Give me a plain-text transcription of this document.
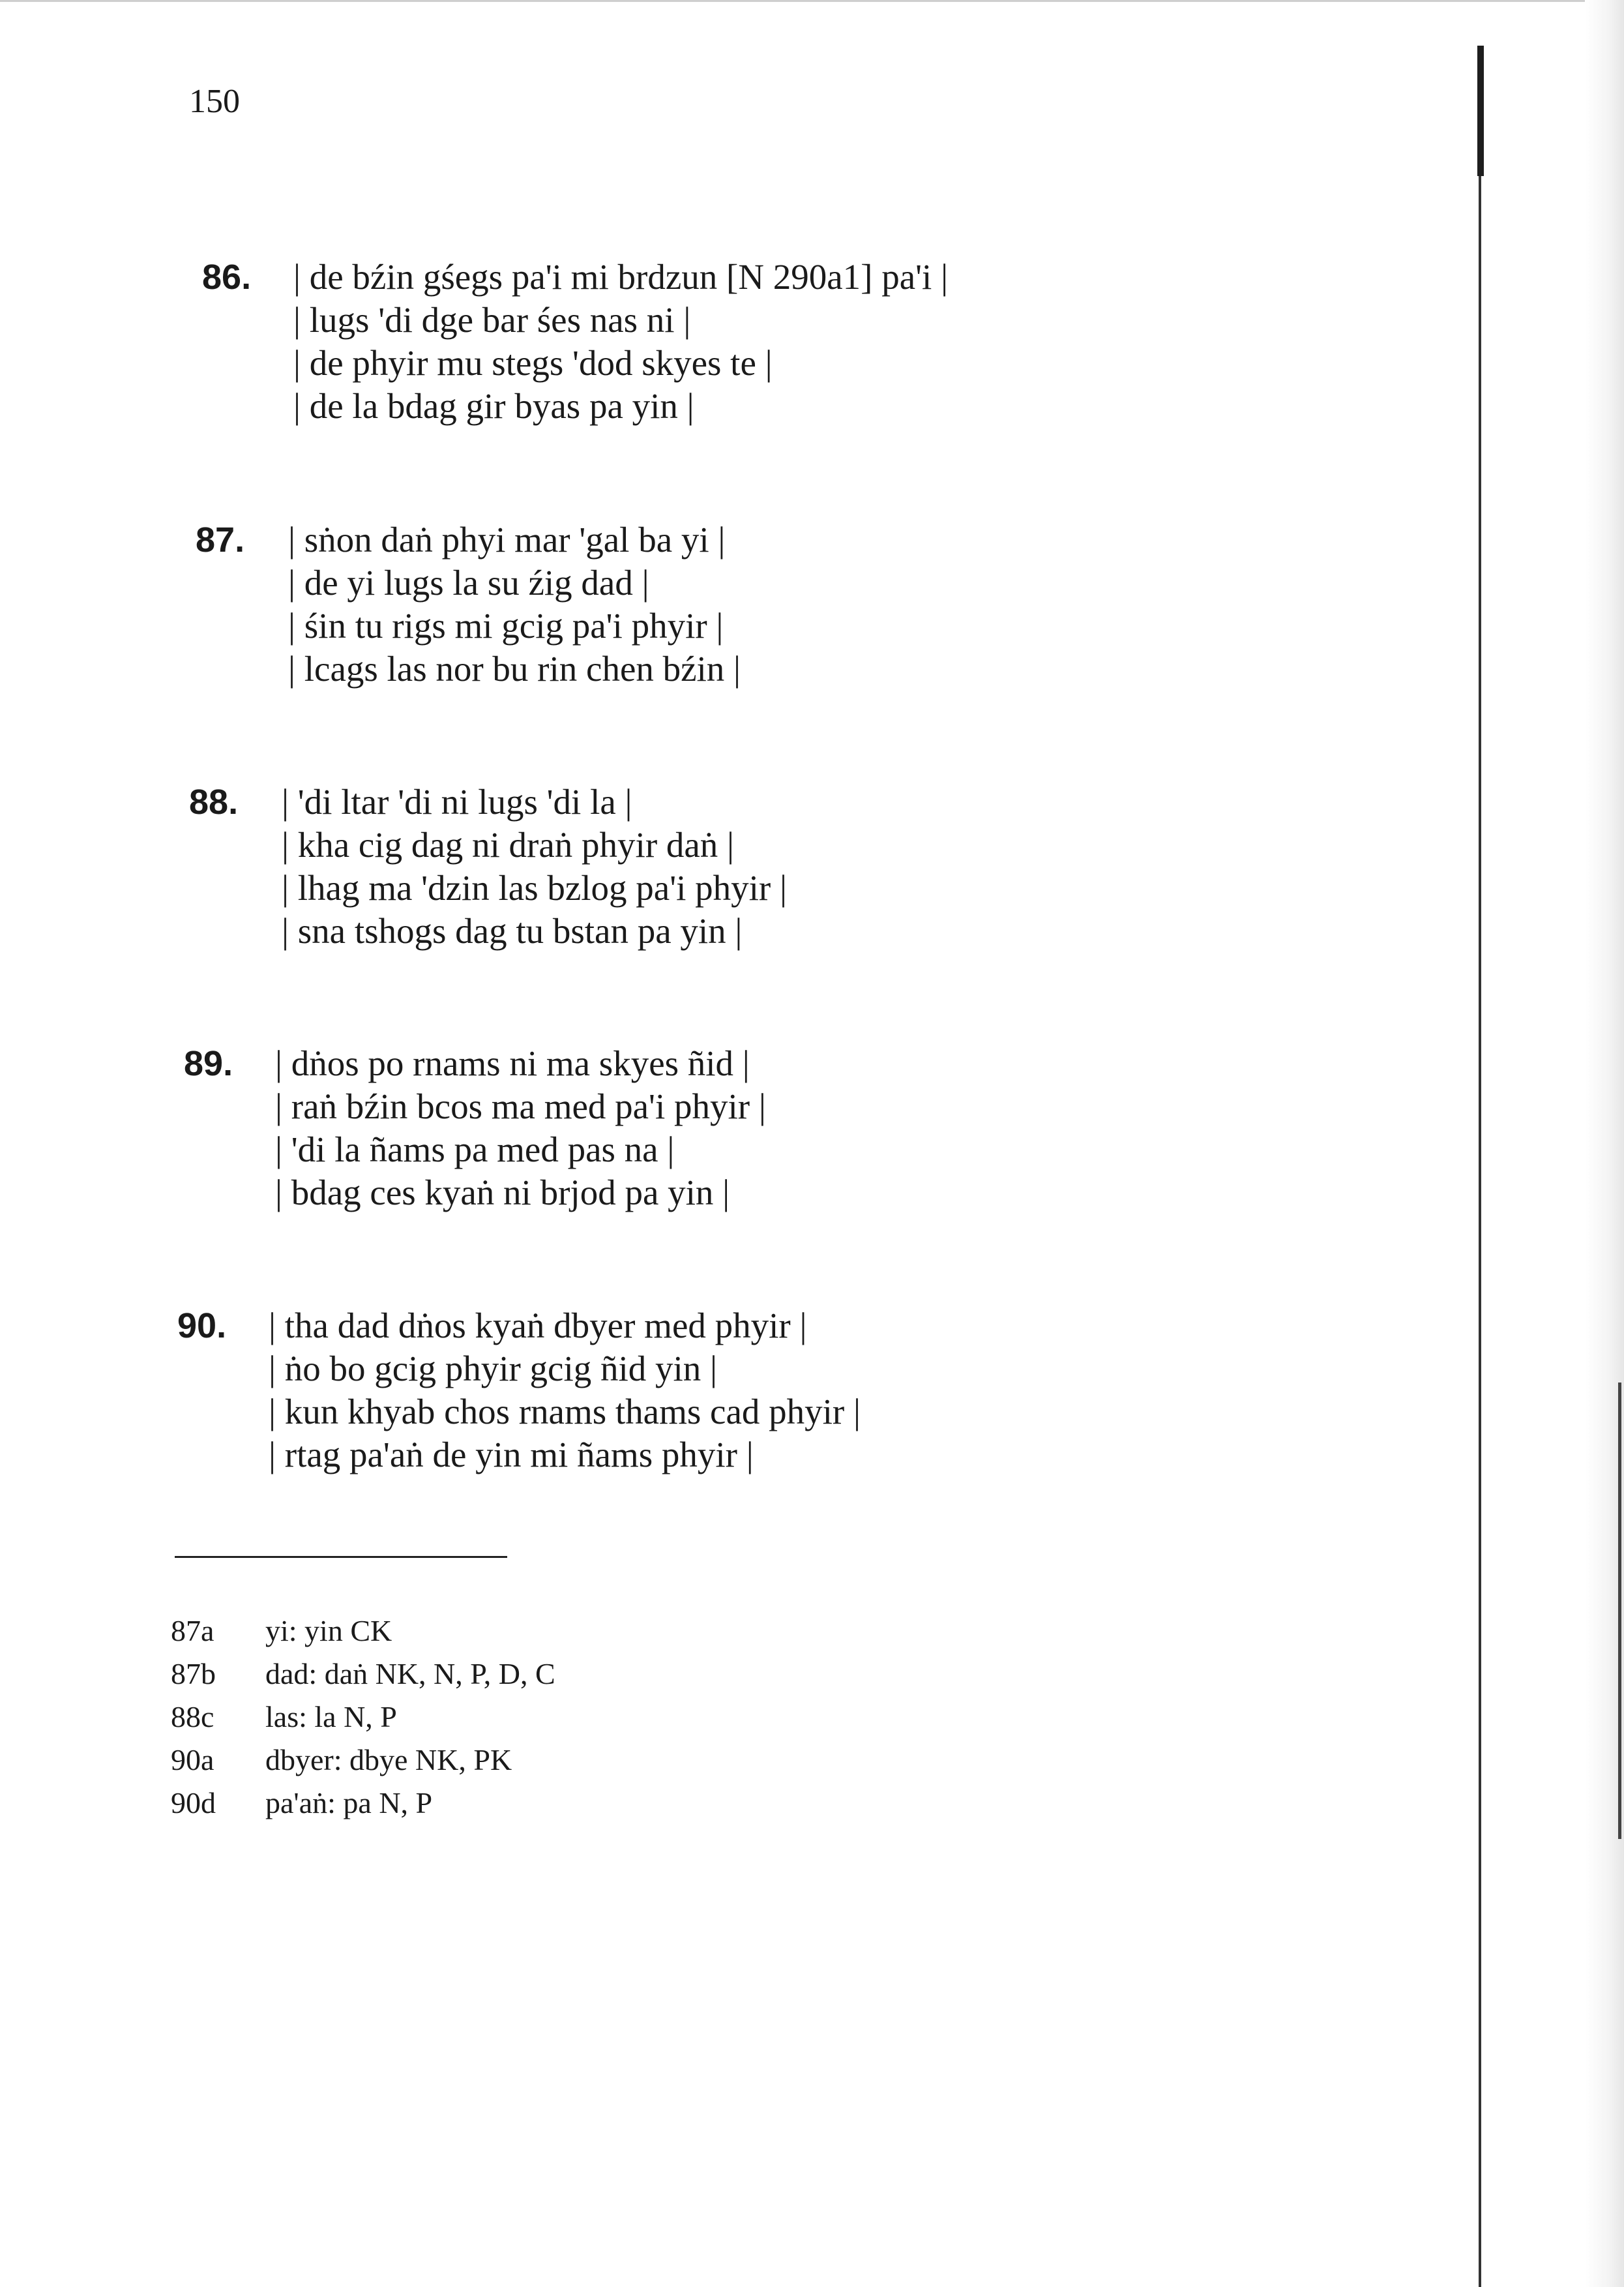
150
86. | de bźin gśegs pa'i mi brdzun [N 290a1] pa'i |
| lugs 'di dge bar śes nas ni |
| de phyir mu stegs 'dod skyes te |
| de la bdag gir byas pa yin |
87. | sṅon daṅ phyi mar 'gal ba yi |
| de yi lugs la su źig dad |
| śin tu rigs mi gcig pa'i phyir |
| lcags las nor bu rin chen bźin |
88. | 'di ltar 'di ni lugs 'di la |
| kha cig dag ni draṅ phyir daṅ |
| lhag ma 'dzin las bzlog pa'i phyir |
| sna tshogs dag tu bstan pa yin |
89. | dṅos po rnams ni ma skyes ñid |
| raṅ bźin bcos ma med pa'i phyir |
| 'di la ñams pa med pas na |
| bdag ces kyaṅ ni brjod pa yin |
90. | tha dad dṅos kyaṅ dbyer med phyir |
| ṅo bo gcig phyir gcig ñid yin |
| kun khyab chos rnams thams cad phyir |
| rtag pa'aṅ de yin mi ñams phyir |
87a	yi: yin CK
87b	dad: daṅ NK, N, P, D, C
88c	las: la N, P
90a	dbyer: dbye NK, PK
90d	pa'aṅ: pa N, P
